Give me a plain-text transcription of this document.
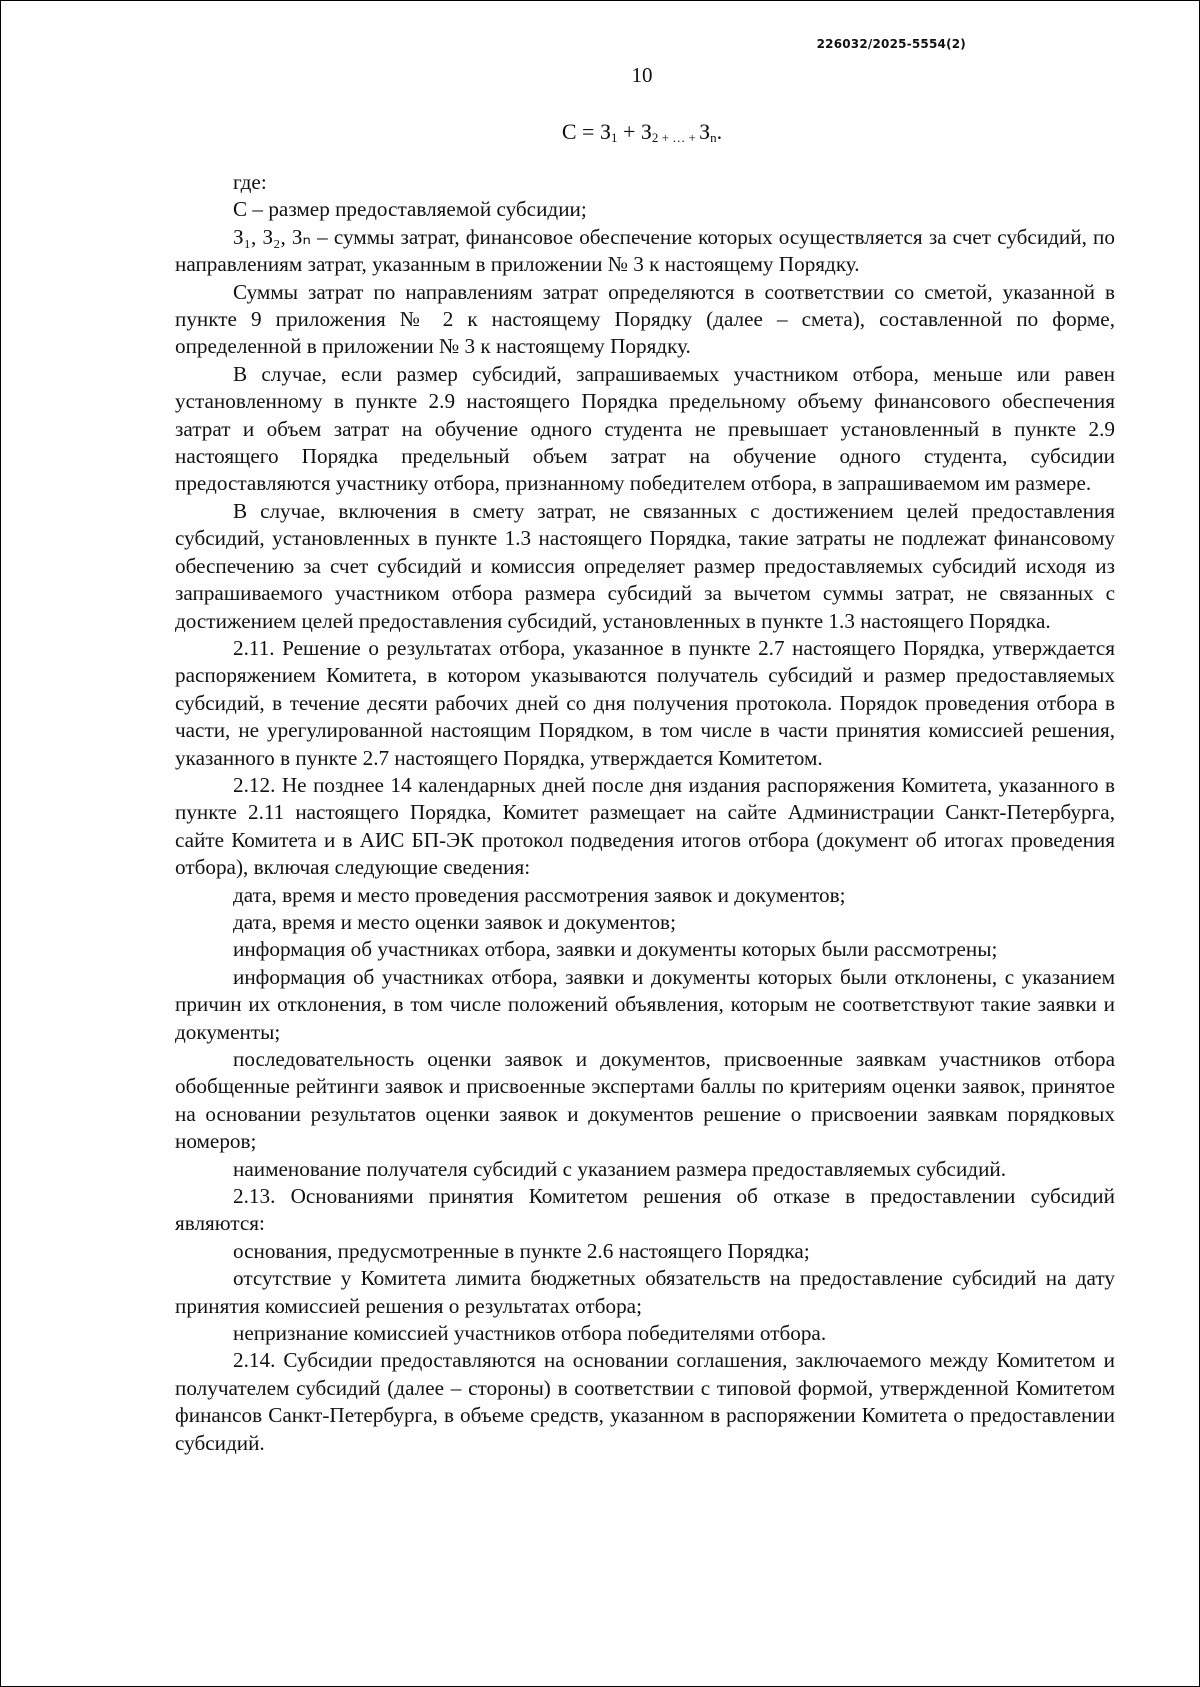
226032/2025-5554(2)
10
$С = З_1 + З_{2 + \dots +}$ $З_n$.

где:

С – размер предоставляемой субсидии;

З₁, З₂, Зₙ – суммы затрат, финансовое обеспечение которых осуществляется за счет субсидий, по направлениям затрат, указанным в приложении № 3 к настоящему Порядку.

Суммы затрат по направлениям затрат определяются в соответствии со сметой, указанной в пункте 9 приложения № 2 к настоящему Порядку (далее – смета), составленной по форме, определенной в приложении № 3 к настоящему Порядку.

В случае, если размер субсидий, запрашиваемых участником отбора, меньше или равен установленному в пункте 2.9 настоящего Порядка предельному объему финансового обеспечения затрат и объем затрат на обучение одного студента не превышает установленный в пункте 2.9 настоящего Порядка предельный объем затрат на обучение одного студента, субсидии предоставляются участнику отбора, признанному победителем отбора, в запрашиваемом им размере.

В случае, включения в смету затрат, не связанных с достижением целей предоставления субсидий, установленных в пункте 1.3 настоящего Порядка, такие затраты не подлежат финансовому обеспечению за счет субсидий и комиссия определяет размер предоставляемых субсидий исходя из запрашиваемого участником отбора размера субсидий за вычетом суммы затрат, не связанных с достижением целей предоставления субсидий, установленных в пункте 1.3 настоящего Порядка.

2.11. Решение о результатах отбора, указанное в пункте 2.7 настоящего Порядка, утверждается распоряжением Комитета, в котором указываются получатель субсидий и размер предоставляемых субсидий, в течение десяти рабочих дней со дня получения протокола. Порядок проведения отбора в части, не урегулированной настоящим Порядком, в том числе в части принятия комиссией решения, указанного в пункте 2.7 настоящего Порядка, утверждается Комитетом.

2.12. Не позднее 14 календарных дней после дня издания распоряжения Комитета, указанного в пункте 2.11 настоящего Порядка, Комитет размещает на сайте Администрации Санкт-Петербурга, сайте Комитета и в АИС БП-ЭК протокол подведения итогов отбора (документ об итогах проведения отбора), включая следующие сведения:

дата, время и место проведения рассмотрения заявок и документов;

дата, время и место оценки заявок и документов;

информация об участниках отбора, заявки и документы которых были рассмотрены;

информация об участниках отбора, заявки и документы которых были отклонены, с указанием причин их отклонения, в том числе положений объявления, которым не соответствуют такие заявки и документы;

последовательность оценки заявок и документов, присвоенные заявкам участников отбора обобщенные рейтинги заявок и присвоенные экспертами баллы по критериям оценки заявок, принятое на основании результатов оценки заявок и документов решение о присвоении заявкам порядковых номеров;

наименование получателя субсидий с указанием размера предоставляемых субсидий.

2.13. Основаниями принятия Комитетом решения об отказе в предоставлении субсидий являются:

основания, предусмотренные в пункте 2.6 настоящего Порядка;

отсутствие у Комитета лимита бюджетных обязательств на предоставление субсидий на дату принятия комиссией решения о результатах отбора;

непризнание комиссией участников отбора победителями отбора.

2.14. Субсидии предоставляются на основании соглашения, заключаемого между Комитетом и получателем субсидий (далее – стороны) в соответствии с типовой формой, утвержденной Комитетом финансов Санкт-Петербурга, в объеме средств, указанном в распоряжении Комитета о предоставлении субсидий.
